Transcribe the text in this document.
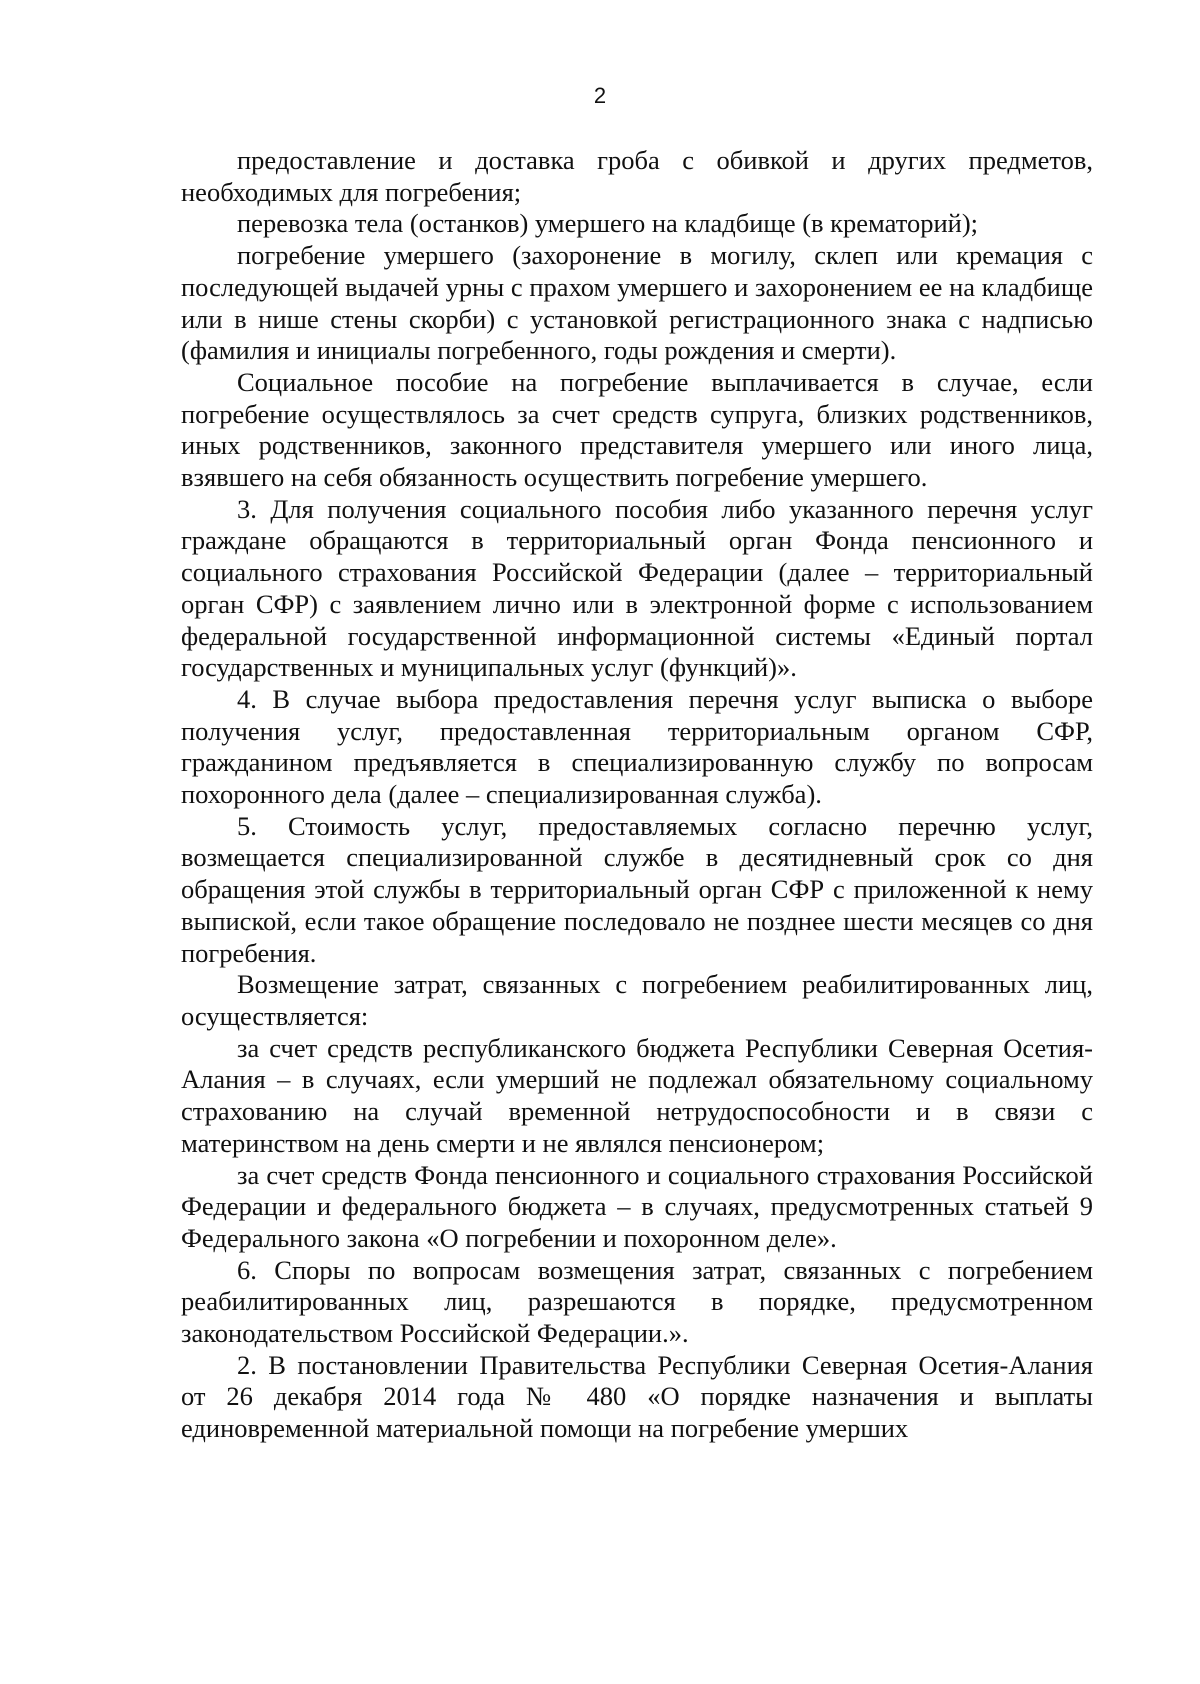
2

предоставление и доставка гроба с обивкой и других предметов, необходимых для погребения;

перевозка тела (останков) умершего на кладбище (в крематорий);

погребение умершего (захоронение в могилу, склеп или кремация с последующей выдачей урны с прахом умершего и захоронением ее на кладбище или в нише стены скорби) с установкой регистрационного знака с надписью (фамилия и инициалы погребенного, годы рождения и смерти).

Социальное пособие на погребение выплачивается в случае, если погребение осуществлялось за счет средств супруга, близких родственников, иных родственников, законного представителя умершего или иного лица, взявшего на себя обязанность осуществить погребение умершего.

3. Для получения социального пособия либо указанного перечня услуг граждане обращаются в территориальный орган Фонда пенсионного и социального страхования Российской Федерации (далее – территориальный орган СФР) с заявлением лично или в электронной форме с использованием федеральной государственной информационной системы «Единый портал государственных и муниципальных услуг (функций)».

4. В случае выбора предоставления перечня услуг выписка о выборе получения услуг, предоставленная территориальным органом СФР, гражданином предъявляется в специализированную службу по вопросам похоронного дела (далее – специализированная служба).

5. Стоимость услуг, предоставляемых согласно перечню услуг, возмещается специализированной службе в десятидневный срок со дня обращения этой службы в территориальный орган СФР с приложенной к нему выпиской, если такое обращение последовало не позднее шести месяцев со дня погребения.

Возмещение затрат, связанных с погребением реабилитированных лиц, осуществляется:

за счет средств республиканского бюджета Республики Северная Осетия-Алания – в случаях, если умерший не подлежал обязательному социальному страхованию на случай временной нетрудоспособности и в связи с материнством на день смерти и не являлся пенсионером;

за счет средств Фонда пенсионного и социального страхования Российской Федерации и федерального бюджета – в случаях, предусмотренных статьей 9 Федерального закона «О погребении и похоронном деле».

6. Споры по вопросам возмещения затрат, связанных с погребением реабилитированных лиц, разрешаются в порядке, предусмотренном законодательством Российской Федерации.».

2. В постановлении Правительства Республики Северная Осетия-Алания от 26 декабря 2014 года № 480 «О порядке назначения и выплаты единовременной материальной помощи на погребение умерших
